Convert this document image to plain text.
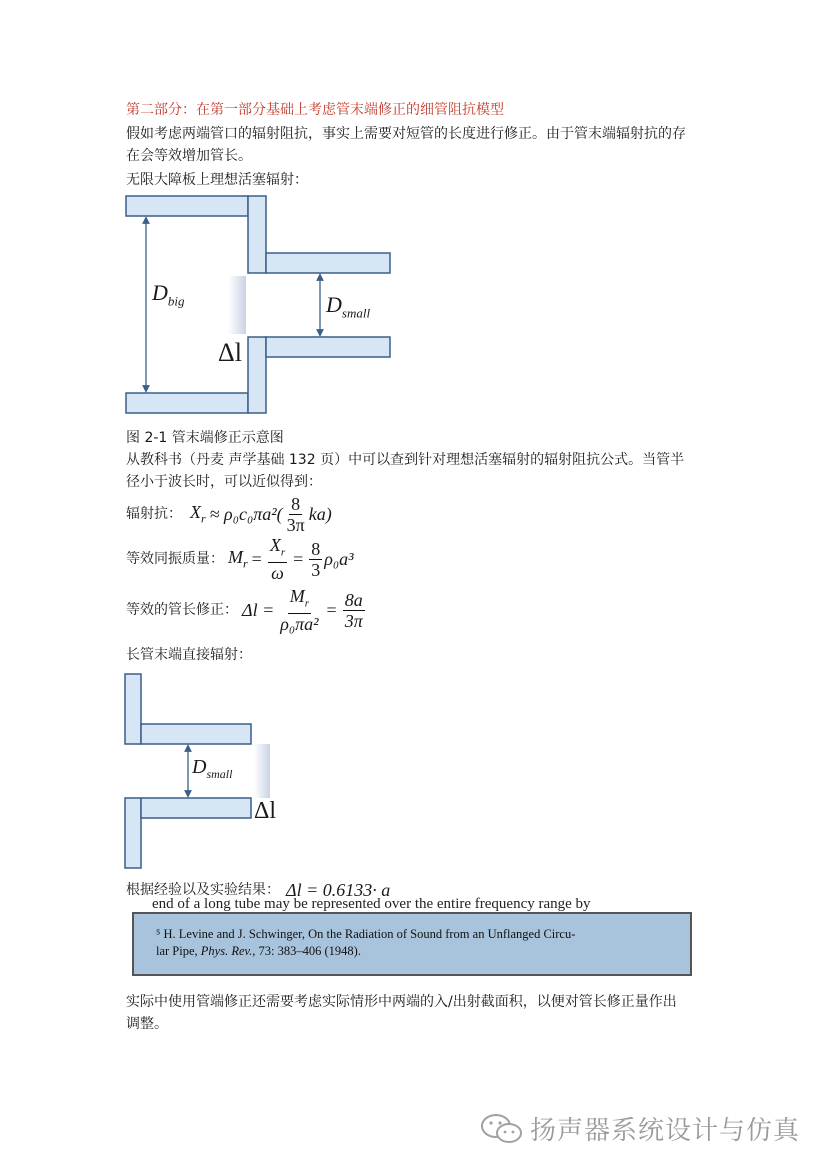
第二部分：在第一部分基础上考虑管末端修正的细管阻抗模型
假如考虑两端管口的辐射阻抗，事实上需要对短管的长度进行修正。由于管末端辐射抗的存
在会等效增加管长。
无限大障板上理想活塞辐射：
$D_{big}$	$D_{small}$
Δl
图 2-1 管末端修正示意图
从教科书（丹麦 声学基础 132 页）中可以查到针对理想活塞辐射的辐射阻抗公式。当管半
径小于波长时，可以近似得到：
辐射抗： $X_r \approx \rho_0c_0\pi a^2( \frac{8}{3\pi} ka)$
等效同振质量： $M_r = \frac{X_r}{\omega} = \frac{8}{3} \rho_0a^3$
等效的管长修正： $\Delta l = \frac{M_r}{\text{ρ₀πa²}} = \frac{8a}{3\pi}$
长管末端直接辐射：
$D_{small}$
Δl
根据经验以及实验结果： Δl = 0.6133· a
end of a long tube may be represented over the entire frequency range by
⁵ H. Levine and J. Schwinger, On the Radiation of Sound from an Unflanged Circu-
lar Pipe, Phys. Rev., 73: 383–406 (1948).
实际中使用管端修正还需要考虑实际情形中两端的入/出射截面积，以便对管长修正量作出
调整。
扬声器系统设计与仿真
